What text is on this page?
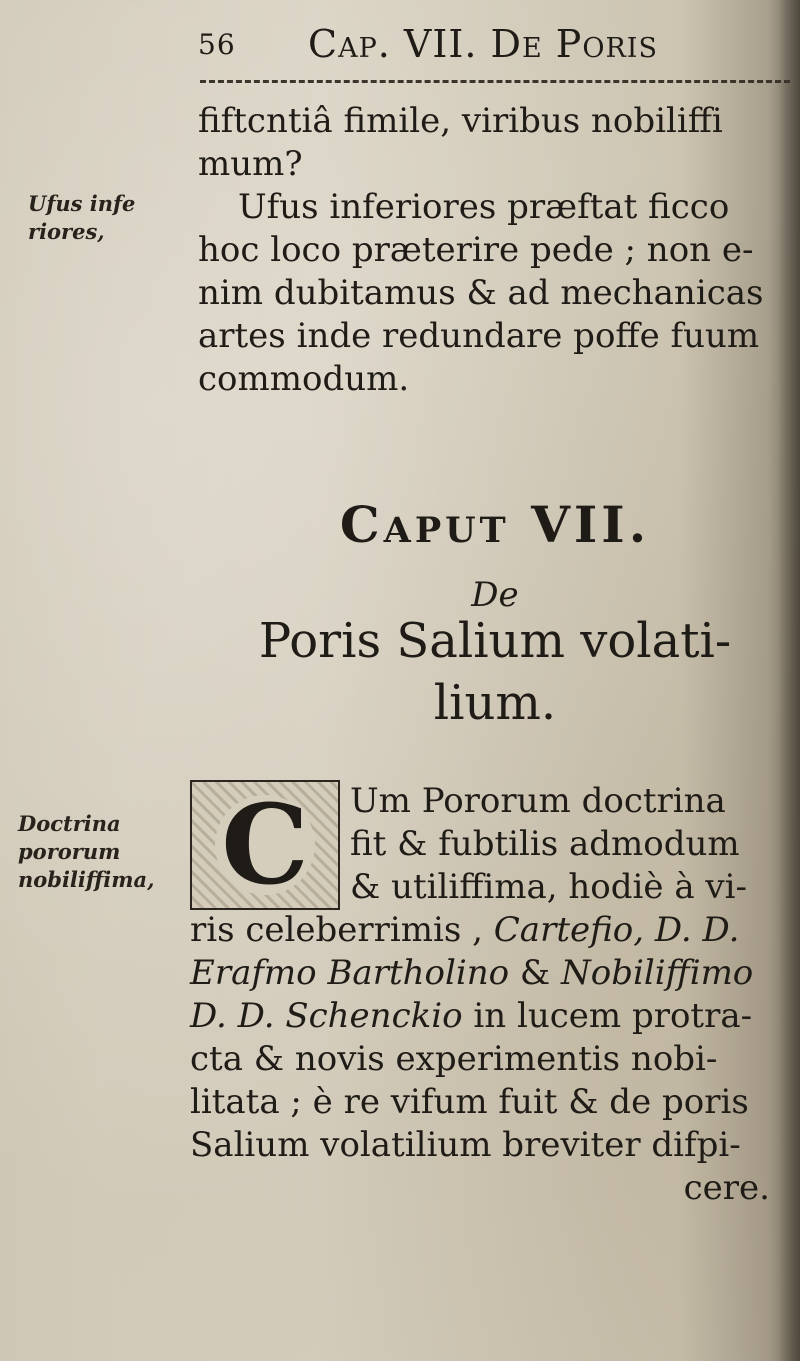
56 Cap. VII. De Poris
fiftcntiâ fimile, viribus nobiliffi
mum?
Ufus inferiores præftat ficco
hoc loco præterire pede ; non e-
nim dubitamus & ad mechanicas
artes inde redundare poffe fuum
commodum.
Ufus infe
riores,
Caput VII.
De
Poris Salium volati-
lium.
Doctrina
pororum
nobiliffima, C Um Pororum doctrina
fit & fubtilis admodum
& utiliffima, hodiè à vi-
ris celeberrimis , Cartefio, D. D.
Erafmo Bartholino & Nobiliffimo
D. D. Schenckio in lucem protra-
cta & novis experimentis nobi-
litata ; è re vifum fuit & de poris
Salium volatilium breviter difpi-
cere.
